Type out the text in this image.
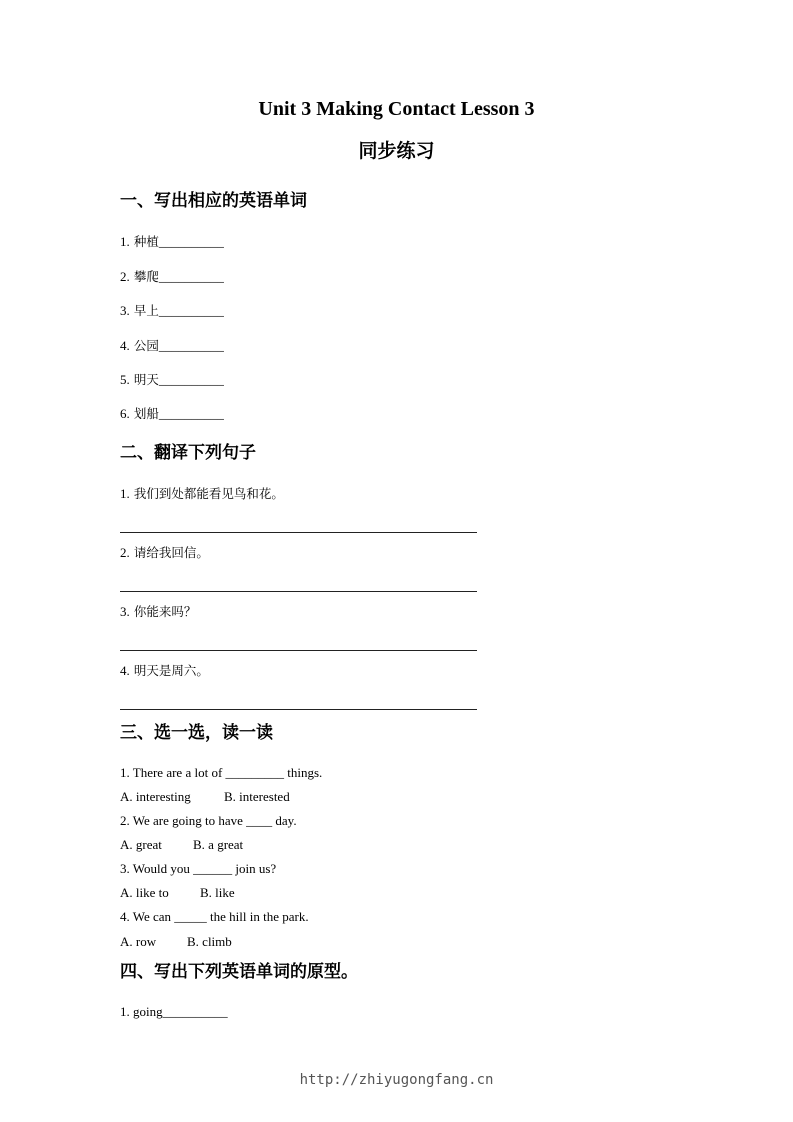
Unit 3 Making Contact Lesson 3
同步练习
一、写出相应的英语单词
1. 种植__________
2. 攀爬__________
3. 早上__________
4. 公园__________
5. 明天__________
6. 划船__________
二、翻译下列句子
1. 我们到处都能看见鸟和花。
2. 请给我回信。
3. 你能来吗？
4. 明天是周六。
三、选一选，读一读
1. There are a lot of _________ things.
A. interesting	B. interested
2. We are going to have ____ day.
A. great B. a great
3. Would you ______ join us?
A. like to B. like
4. We can _____ the hill in the park.
A. row B. climb
四、写出下列英语单词的原型。
1. going__________
http://zhiyugongfang.cn
